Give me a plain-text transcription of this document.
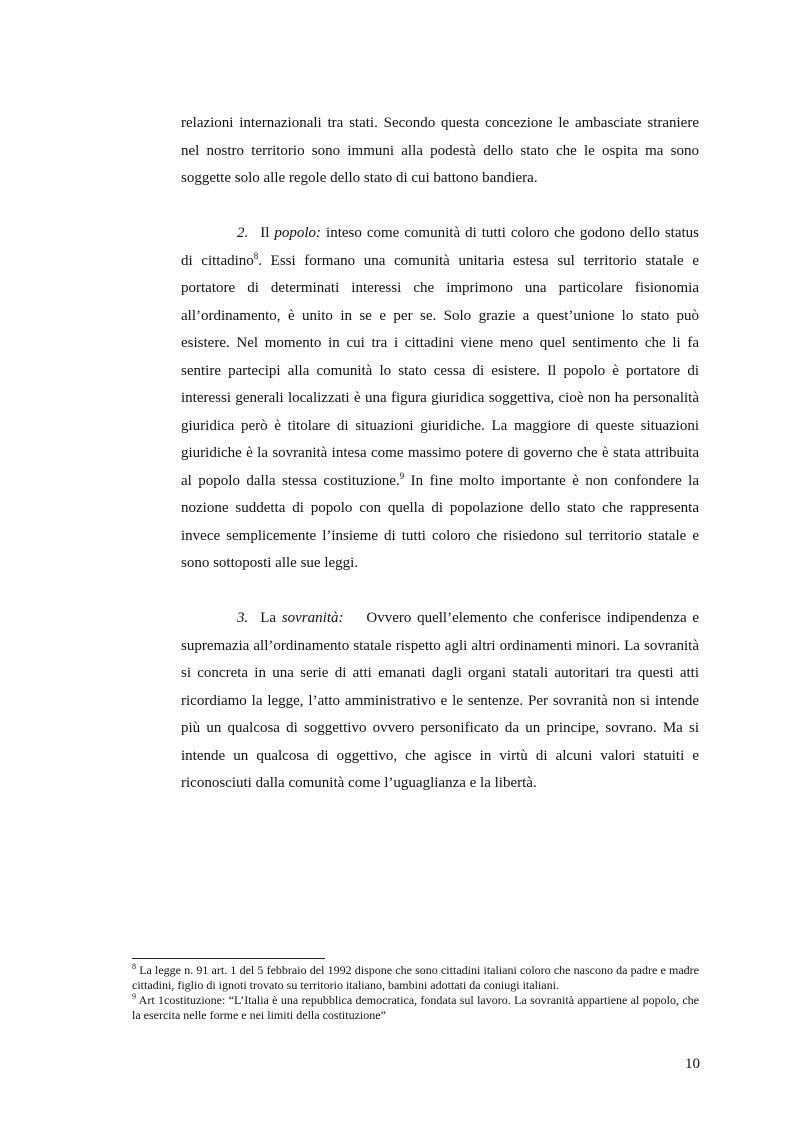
relazioni internazionali tra stati. Secondo questa concezione le ambasciate straniere nel nostro territorio sono immuni alla podestà dello stato che le ospita ma sono soggette solo alle regole dello stato di cui battono bandiera.

2. Il popolo: inteso come comunità di tutti coloro che godono dello status di cittadino$^8$. Essi formano una comunità unitaria estesa sul territorio statale e portatore di determinati interessi che imprimono una particolare fisionomia all’ordinamento, è unito in se e per se. Solo grazie a quest’unione lo stato può esistere. Nel momento in cui tra i cittadini viene meno quel sentimento che li fa sentire partecipi alla comunità lo stato cessa di esistere. Il popolo è portatore di interessi generali localizzati è una figura giuridica soggettiva, cioè non ha personalità giuridica però è titolare di situazioni giuridiche. La maggiore di queste situazioni giuridiche è la sovranità intesa come massimo potere di governo che è stata attribuita al popolo dalla stessa costituzione.$^9$ In fine molto importante è non confondere la nozione suddetta di popolo con quella di popolazione dello stato che rappresenta invece semplicemente l’insieme di tutti coloro che risiedono sul territorio statale e sono sottoposti alle sue leggi.

3. La sovranità: Ovvero quell’elemento che conferisce indipendenza e supremazia all’ordinamento statale rispetto agli altri ordinamenti minori. La sovranità si concreta in una serie di atti emanati dagli organi statali autoritari tra questi atti ricordiamo la legge, l’atto amministrativo e le sentenze. Per sovranità non si intende più un qualcosa di soggettivo ovvero personificato da un principe, sovrano. Ma si intende un qualcosa di oggettivo, che agisce in virtù di alcuni valori statuiti e riconosciuti dalla comunità come l’uguaglianza e la libertà.

$^8$ La legge n. 91 art. 1 del 5 febbraio del 1992 dispone che sono cittadini italiani coloro che nascono da padre e madre cittadini, figlio di ignoti trovato su territorio italiano, bambini adottati da coniugi italiani.

$^9$ Art 1costituzione: “L’Italia è una repubblica democratica, fondata sul lavoro. La sovranità appartiene al popolo, che la esercita nelle forme e nei limiti della costituzione”

10
